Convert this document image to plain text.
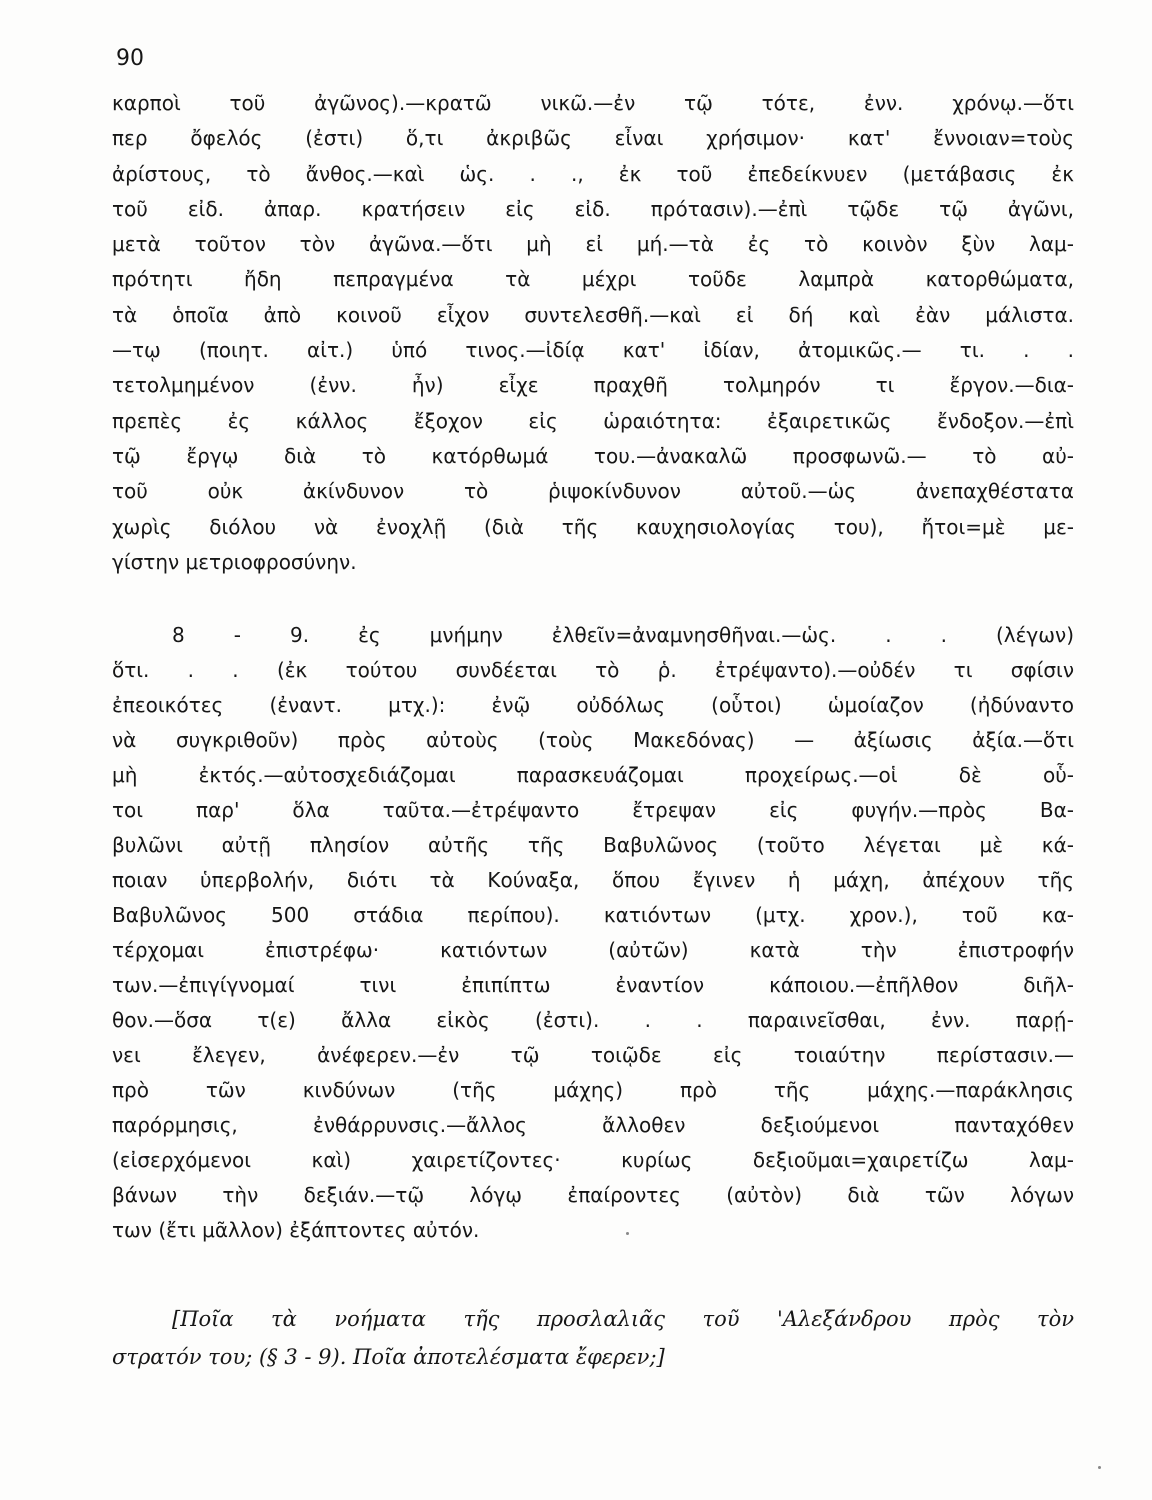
90
καρποὶ τοῦ ἀγῶνος).—κρατῶ νικῶ.—ἐν τῷ τότε, ἐνν. χρόνῳ.—ὅτι
περ ὄφελός (ἐστι) ὅ,τι ἀκριβῶς εἶναι χρήσιμον· κατ' ἔννοιαν=τοὺς
ἀρίστους, τὸ ἄνθος.—καὶ ὡς. . ., ἐκ τοῦ ἐπεδείκνυεν (μετάβασις ἐκ
τοῦ εἰδ. ἀπαρ. κρατήσειν εἰς εἰδ. πρότασιν).—ἐπὶ τῷδε τῷ ἀγῶνι,
μετὰ τοῦτον τὸν ἀγῶνα.—ὅτι μὴ εἰ μή.—τὰ ἐς τὸ κοινὸν ξὺν λαμ-
πρότητι ἤδη πεπραγμένα τὰ μέχρι τοῦδε λαμπρὰ κατορθώματα,
τὰ ὁποῖα ἀπὸ κοινοῦ εἶχον συντελεσθῆ.—καὶ εἰ δή καὶ ἐὰν μάλιστα.
—τῳ (ποιητ. αἰτ.) ὑπό τινος.—ἰδίᾳ κατ' ἰδίαν, ἀτομικῶς.— τι. . .
τετολμημένον (ἐνν. ἦν) εἶχε πραχθῆ τολμηρόν τι ἔργον.—δια-
πρεπὲς ἐς κάλλος ἔξοχον εἰς ὡραιότητα: ἐξαιρετικῶς ἔνδοξον.—ἐπὶ
τῷ ἔργῳ διὰ τὸ κατόρθωμά του.—ἀνακαλῶ προσφωνῶ.— τὸ αὐ-
τοῦ οὐκ ἀκίνδυνον τὸ ῥιψοκίνδυνον αὐτοῦ.—ὡς ἀνεπαχθέστατα
χωρὶς διόλου νὰ ἐνοχλῇ (διὰ τῆς καυχησιολογίας του), ἤτοι=μὲ με-
γίστην μετριοφροσύνην.
8 - 9. ἐς μνήμην ἐλθεῖν=ἀναμνησθῆναι.—ὡς. . . (λέγων)
ὅτι. . . (ἐκ τούτου συνδέεται τὸ ῥ. ἐτρέψαντο).—οὐδέν τι σφίσιν
ἐπεοικότες (ἐναντ. μτχ.): ἐνῷ οὐδόλως (οὗτοι) ὡμοίαζον (ἠδύναντο
νὰ συγκριθοῦν) πρὸς αὐτοὺς (τοὺς Μακεδόνας) — ἀξίωσις ἀξία.—ὅτι
μὴ ἐκτός.—αὐτοσχεδιάζομαι παρασκευάζομαι προχείρως.—οἱ δὲ οὗ-
τοι παρ' ὅλα ταῦτα.—ἐτρέψαντο ἔτρεψαν εἰς φυγήν.—πρὸς Βα-
βυλῶνι αὐτῇ πλησίον αὐτῆς τῆς Βαβυλῶνος (τοῦτο λέγεται μὲ κά-
ποιαν ὑπερβολήν, διότι τὰ Κούναξα, ὅπου ἔγινεν ἡ μάχη, ἀπέχουν τῆς
Βαβυλῶνος 500 στάδια περίπου). κατιόντων (μτχ. χρον.), τοῦ κα-
τέρχομαι ἐπιστρέφω· κατιόντων (αὐτῶν) κατὰ τὴν ἐπιστροφήν
των.—ἐπιγίγνομαί τινι ἐπιπίπτω ἐναντίον κάποιου.—ἐπῆλθον διῆλ-
θον.—ὅσα τ(ε) ἄλλα εἰκὸς (ἐστι). . . παραινεῖσθαι, ἐνν. παρῄ-
νει ἔλεγεν, ἀνέφερεν.—ἐν τῷ τοιῷδε εἰς τοιαύτην περίστασιν.—
πρὸ τῶν κινδύνων (τῆς μάχης) πρὸ τῆς μάχης.—παράκλησις
παρόρμησις, ἐνθάρρυνσις.—ἄλλος ἄλλοθεν δεξιούμενοι πανταχόθεν
(εἰσερχόμενοι καὶ) χαιρετίζοντες· κυρίως δεξιοῦμαι=χαιρετίζω λαμ-
βάνων τὴν δεξιάν.—τῷ λόγῳ ἐπαίροντες (αὐτὸν) διὰ τῶν λόγων
των (ἔτι μᾶλλον) ἐξάπτοντες αὐτόν.
[Ποῖα τὰ νοήματα τῆς προσλαλιᾶς τοῦ 'Αλεξάνδρου πρὸς τὸν
στρατόν του; (§ 3 - 9). Ποῖα ἀποτελέσματα ἔφερεν;]
